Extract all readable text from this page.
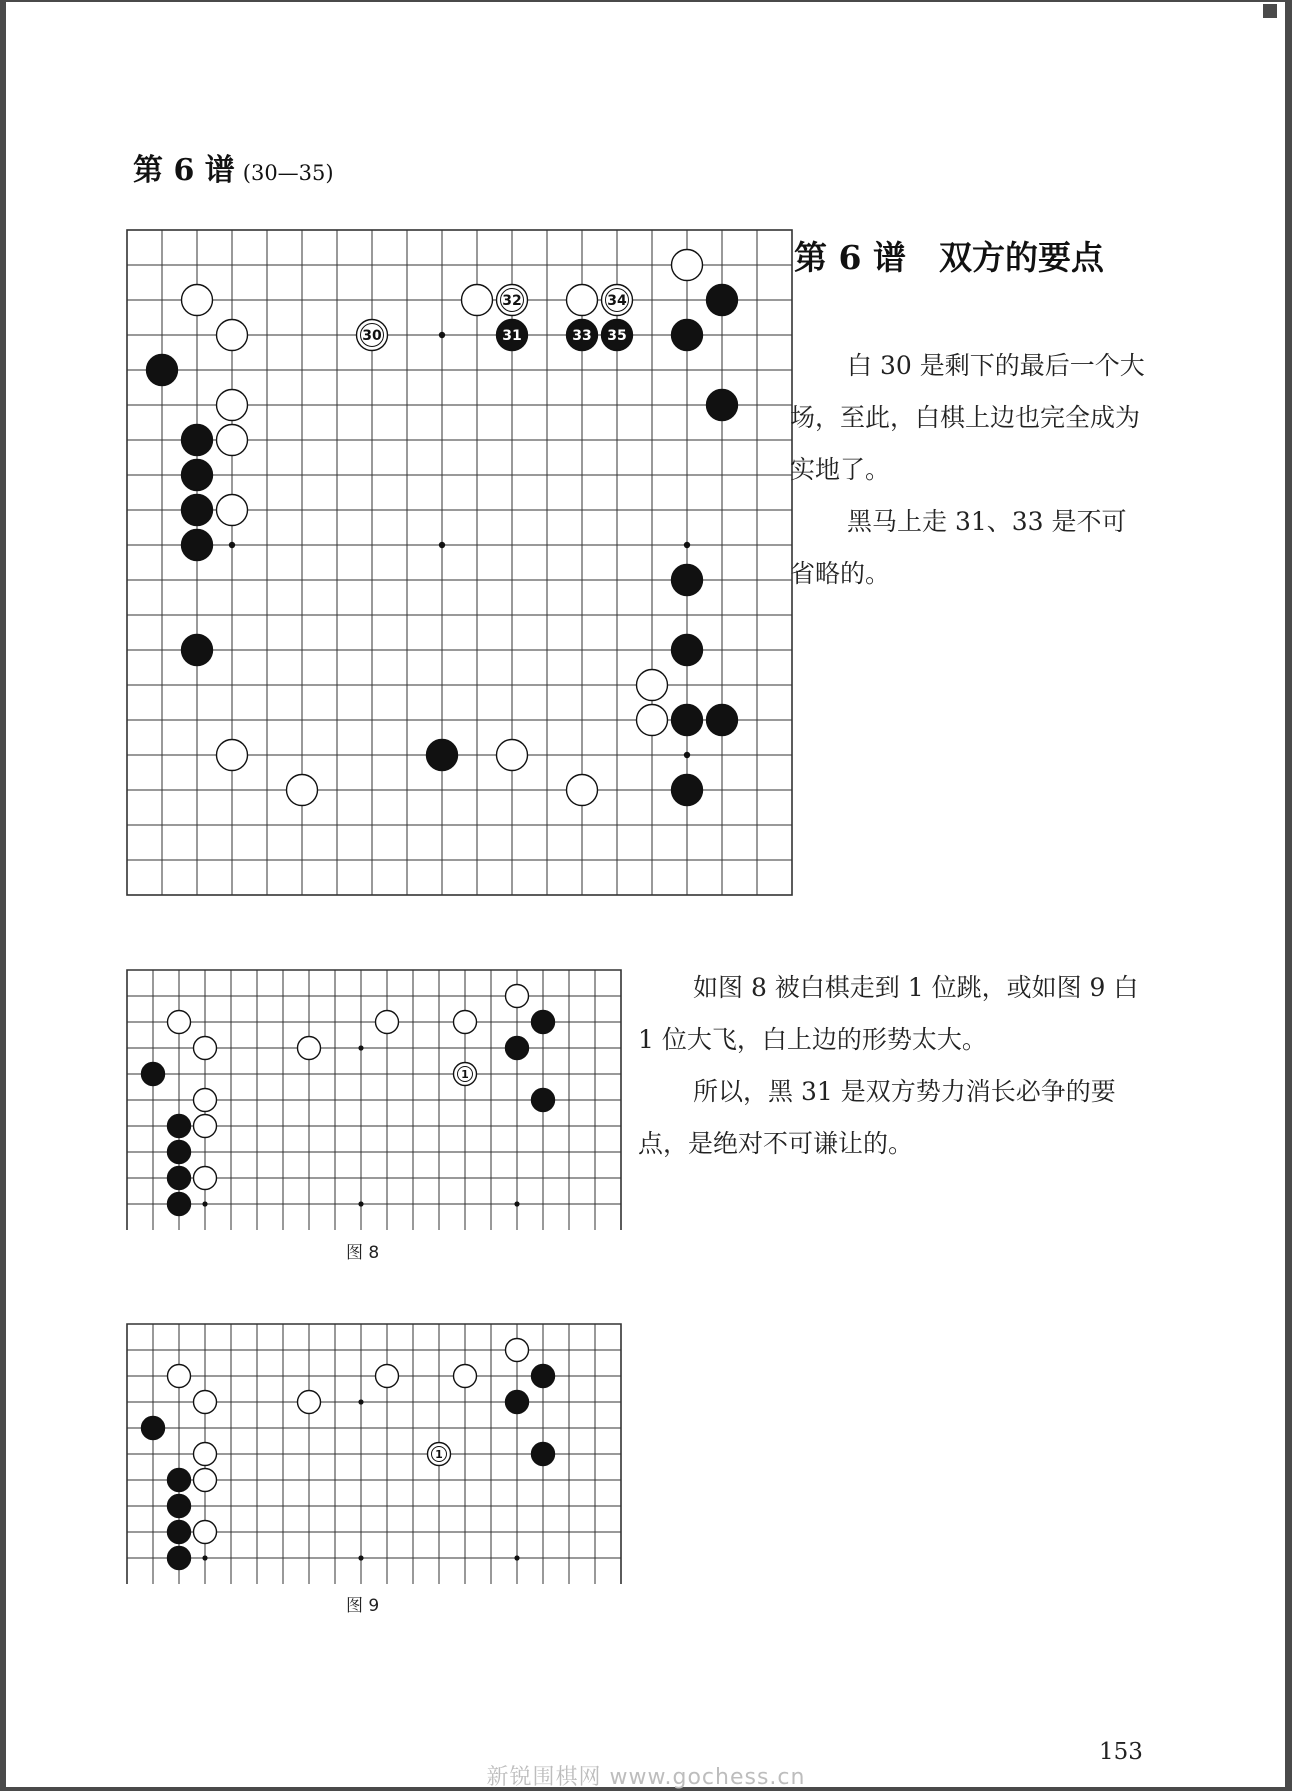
第 6 谱 (30—35)
32	34
30	31	33 35
第 6 谱　双方的要点

白 30 是剩下的最后一个大场，至此，白棋上边也完全成为实地了。

黑马上走 31、33 是不可省略的。

1
图 8
1
图 9

如图 8 被白棋走到 1 位跳，或如图 9 白 1 位大飞，白上边的形势太大。

所以，黑 31 是双方势力消长必争的要点，是绝对不可谦让的。

153
新锐围棋网 www.gochess.cn
